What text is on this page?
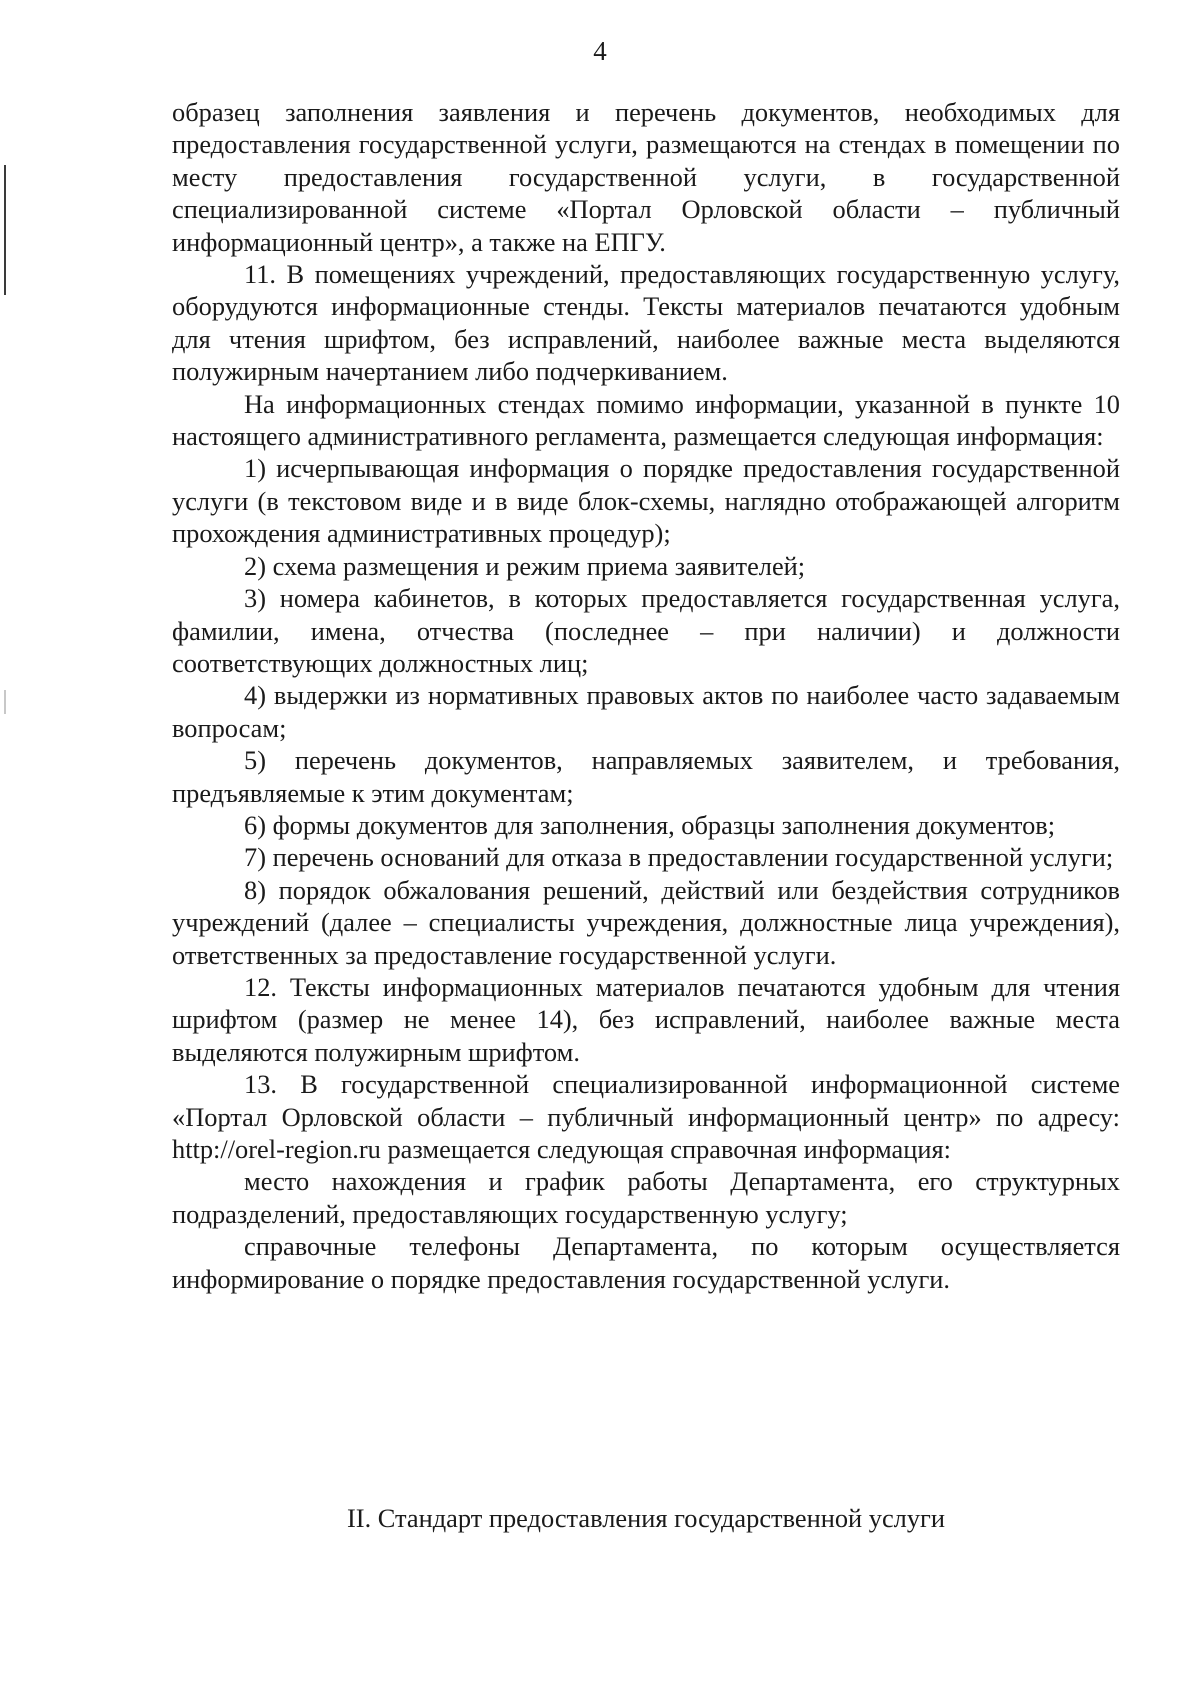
4

образец заполнения заявления и перечень документов, необходимых для предоставления государственной услуги, размещаются на стендах в помещении по месту предоставления государственной услуги, в государственной специализированной системе «Портал Орловской области – публичный информационный центр», а также на ЕПГУ.

11. В помещениях учреждений, предоставляющих государственную услугу, оборудуются информационные стенды. Тексты материалов печатаются удобным для чтения шрифтом, без исправлений, наиболее важные места выделяются полужирным начертанием либо подчеркиванием.

На информационных стендах помимо информации, указанной в пункте 10 настоящего административного регламента, размещается следующая информация:

1) исчерпывающая информация о порядке предоставления государственной услуги (в текстовом виде и в виде блок-схемы, наглядно отображающей алгоритм прохождения административных процедур);

2) схема размещения и режим приема заявителей;

3) номера кабинетов, в которых предоставляется государственная услуга, фамилии, имена, отчества (последнее – при наличии) и должности соответствующих должностных лиц;

4) выдержки из нормативных правовых актов по наиболее часто задаваемым вопросам;

5) перечень документов, направляемых заявителем, и требования, предъявляемые к этим документам;

6) формы документов для заполнения, образцы заполнения документов;

7) перечень оснований для отказа в предоставлении государственной услуги;

8) порядок обжалования решений, действий или бездействия сотрудников учреждений (далее – специалисты учреждения, должностные лица учреждения), ответственных за предоставление государственной услуги.

12. Тексты информационных материалов печатаются удобным для чтения шрифтом (размер не менее 14), без исправлений, наиболее важные места выделяются полужирным шрифтом.

13. В государственной специализированной информационной системе «Портал Орловской области – публичный информационный центр» по адресу: http://orel-region.ru размещается следующая справочная информация:

место нахождения и график работы Департамента, его структурных подразделений, предоставляющих государственную услугу;

справочные телефоны Департамента, по которым осуществляется информирование о порядке предоставления государственной услуги.

II. Стандарт предоставления государственной услуги
